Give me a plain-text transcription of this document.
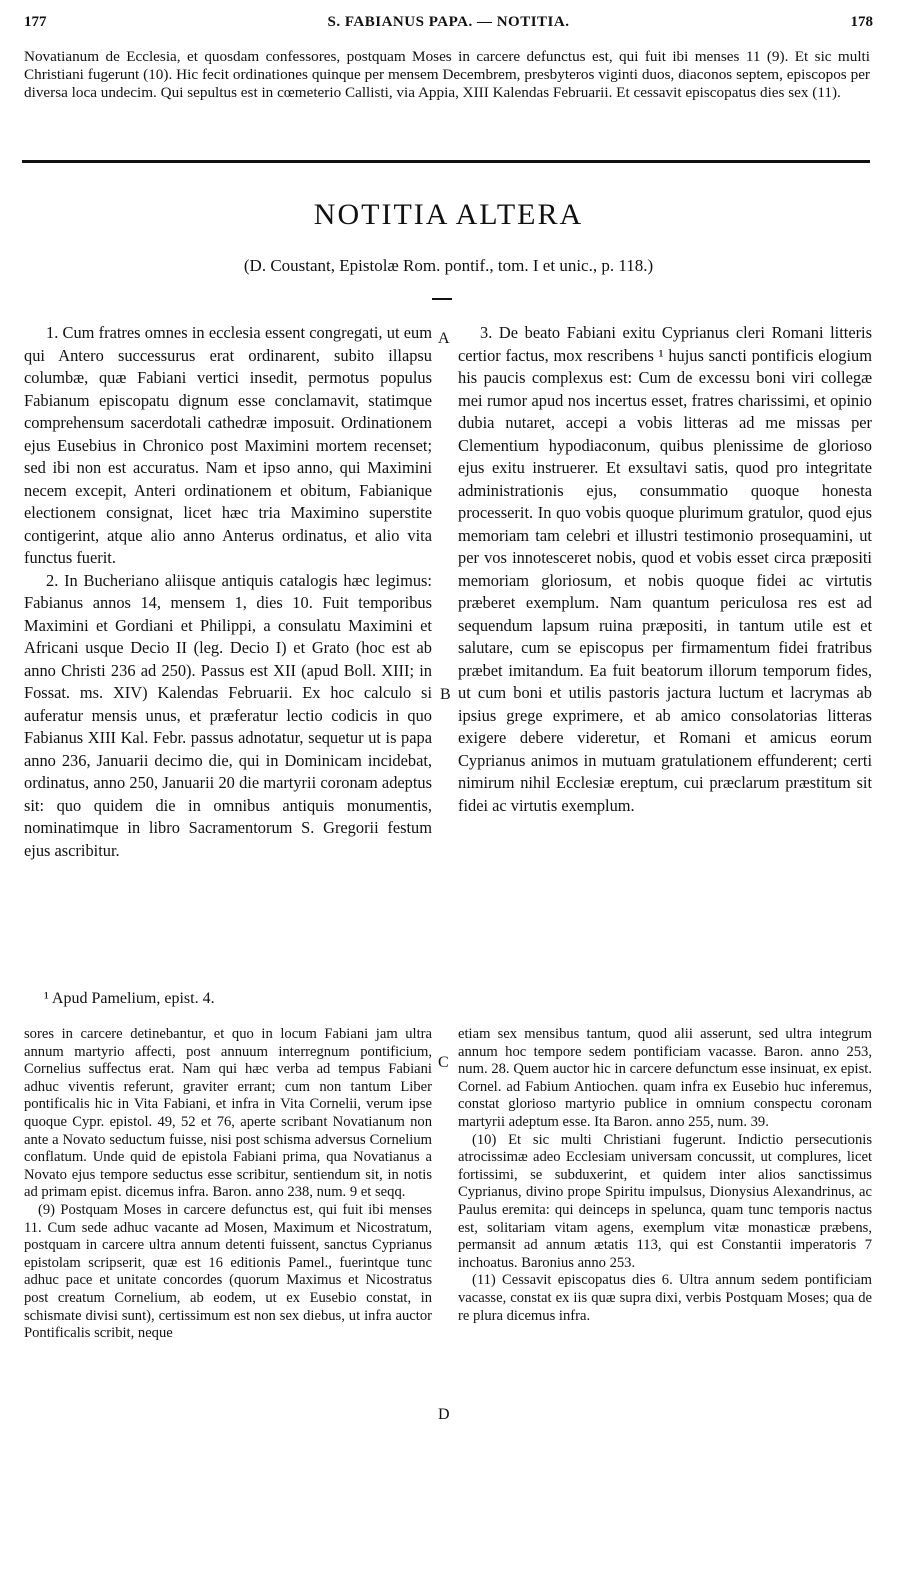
177	S. FABIANUS PAPA. — NOTITIA.	178

Novatianum de Ecclesia, et quosdam confessores, postquam Moses in carcere defunctus est, qui fuit ibi menses 11 (9). Et sic multi Christiani fugerunt (10). Hic fecit ordinationes quinque per mensem Decembrem, presbyteros viginti duos, diaconos septem, episcopos per diversa loca undecim. Qui sepultus est in cœmeterio Callisti, via Appia, XIII Kalendas Februarii. Et cessavit episcopatus dies sex (11).

NOTITIA ALTERA
(D. Coustant, Epistolæ Rom. pontif., tom. I et unic., p. 118.)

1. Cum fratres omnes in ecclesia essent congregati, ut eum qui Antero successurus erat ordinarent, subito illapsu columbæ, quæ Fabiani vertici insedit, permotus populus Fabianum episcopatu dignum esse conclamavit, statimque comprehensum sacerdotali cathedræ imposuit. Ordinationem ejus Eusebius in Chronico post Maximini mortem recenset; sed ibi non est accuratus. Nam et ipso anno, qui Maximini necem excepit, Anteri ordinationem et obitum, Fabianique electionem consignat, licet hæc tria Maximino superstite contigerint, atque alio anno Anterus ordinatus, et alio vita functus fuerit.

2. In Bucheriano aliisque antiquis catalogis hæc legimus: Fabianus annos 14, mensem 1, dies 10. Fuit temporibus Maximini et Gordiani et Philippi, a consulatu Maximini et Africani usque Decio II (leg. Decio I) et Grato (hoc est ab anno Christi 236 ad 250). Passus est XII (apud Boll. XIII; in Fossat. ms. XIV) Kalendas Februarii. Ex hoc calculo si auferatur mensis unus, et præferatur lectio codicis in quo Fabianus XIII Kal. Febr. passus adnotatur, sequetur ut is papa anno 236, Januarii decimo die, qui in Dominicam incidebat, ordinatus, anno 250, Januarii 20 die martyrii coronam adeptus sit: quo quidem die in omnibus antiquis monumentis, nominatimque in libro Sacramentorum S. Gregorii festum ejus ascribitur.

A
B

3. De beato Fabiani exitu Cyprianus cleri Romani litteris certior factus, mox rescribens ¹ hujus sancti pontificis elogium his paucis complexus est: Cum de excessu boni viri collegæ mei rumor apud nos incertus esset, fratres charissimi, et opinio dubia nutaret, accepi a vobis litteras ad me missas per Clementium hypodiaconum, quibus plenissime de glorioso ejus exitu instruerer. Et exsultavi satis, quod pro integritate administrationis ejus, consummatio quoque honesta processerit. In quo vobis quoque plurimum gratulor, quod ejus memoriam tam celebri et illustri testimonio prosequamini, ut per vos innotesceret nobis, quod et vobis esset circa præpositi memoriam gloriosum, et nobis quoque fidei ac virtutis præberet exemplum. Nam quantum periculosa res est ad sequendum lapsum ruina præpositi, in tantum utile est et salutare, cum se episcopus per firmamentum fidei fratribus præbet imitandum. Ea fuit beatorum illorum temporum fides, ut cum boni et utilis pastoris jactura luctum et lacrymas ab ipsius grege exprimere, et ab amico consolatorias litteras exigere debere videretur, et Romani et amicus eorum Cyprianus animos in mutuam gratulationem effunderent; certi nimirum nihil Ecclesiæ ereptum, cui præclarum præstitum sit fidei ac virtutis exemplum.

¹ Apud Pamelium, epist. 4.

sores in carcere detinebantur, et quo in locum Fabiani jam ultra annum martyrio affecti, post annuum interregnum pontificium, Cornelius suffectus erat. Nam qui hæc verba ad tempus Fabiani adhuc viventis referunt, graviter errant; cum non tantum Liber pontificalis hic in Vita Fabiani, et infra in Vita Cornelii, verum ipse quoque Cypr. epistol. 49, 52 et 76, aperte scribant Novatianum non ante a Novato seductum fuisse, nisi post schisma adversus Cornelium conflatum. Unde quid de epistola Fabiani prima, qua Novatianus a Novato ejus tempore seductus esse scribitur, sentiendum sit, in notis ad primam epist. dicemus infra. Baron. anno 238, num. 9 et seqq.

(9) Postquam Moses in carcere defunctus est, qui fuit ibi menses 11. Cum sede adhuc vacante ad Mosen, Maximum et Nicostratum, postquam in carcere ultra annum detenti fuissent, sanctus Cyprianus epistolam scripserit, quæ est 16 editionis Pamel., fuerintque tunc adhuc pace et unitate concordes (quorum Maximus et Nicostratus post creatum Cornelium, ab eodem, ut ex Eusebio constat, in schismate divisi sunt), certissimum est non sex diebus, ut infra auctor Pontificalis scribit, neque

C
D

etiam sex mensibus tantum, quod alii asserunt, sed ultra integrum annum hoc tempore sedem pontificiam vacasse. Baron. anno 253, num. 28. Quem auctor hic in carcere defunctum esse insinuat, ex epist. Cornel. ad Fabium Antiochen. quam infra ex Eusebio huc inferemus, constat glorioso martyrio publice in omnium conspectu coronam martyrii adeptum esse. Ita Baron. anno 255, num. 39.

(10) Et sic multi Christiani fugerunt. Indictio persecutionis atrocissimæ adeo Ecclesiam universam concussit, ut complures, licet fortissimi, se subduxerint, et quidem inter alios sanctissimus Cyprianus, divino prope Spiritu impulsus, Dionysius Alexandrinus, ac Paulus eremita: qui deinceps in spelunca, quam tunc temporis nactus est, solitariam vitam agens, exemplum vitæ monasticæ præbens, permansit ad annum ætatis 113, qui est Constantii imperatoris 7 inchoatus. Baronius anno 253.

(11) Cessavit episcopatus dies 6. Ultra annum sedem pontificiam vacasse, constat ex iis quæ supra dixi, verbis Postquam Moses; qua de re plura dicemus infra.
